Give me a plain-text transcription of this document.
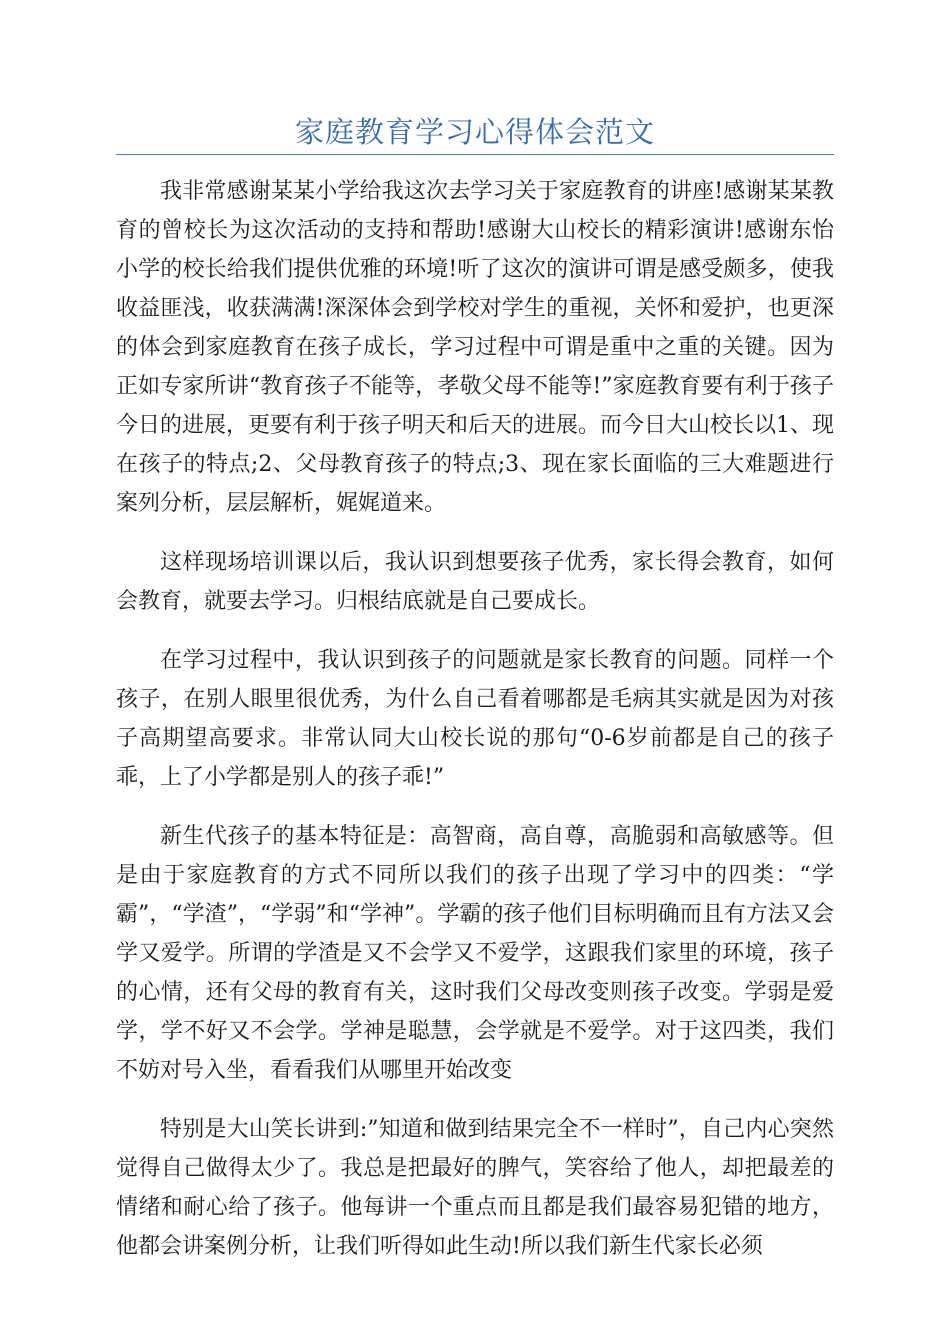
家庭教育学习心得体会范文

我非常感谢某某小学给我这次去学习关于家庭教育的讲座!感谢某某教育的曾校长为这次活动的支持和帮助!感谢大山校长的精彩演讲!感谢东怡小学的校长给我们提供优雅的环境!听了这次的演讲可谓是感受颇多，使我收益匪浅，收获满满!深深体会到学校对学生的重视，关怀和爱护，也更深的体会到家庭教育在孩子成长，学习过程中可谓是重中之重的关键。因为正如专家所讲“教育孩子不能等，孝敬父母不能等!”家庭教育要有利于孩子今日的进展，更要有利于孩子明天和后天的进展。而今日大山校长以1、现在孩子的特点;2、父母教育孩子的特点;3、现在家长面临的三大难题进行案列分析，层层解析，娓娓道来。

这样现场培训课以后，我认识到想要孩子优秀，家长得会教育，如何会教育，就要去学习。归根结底就是自己要成长。

在学习过程中，我认识到孩子的问题就是家长教育的问题。同样一个孩子，在别人眼里很优秀，为什么自己看着哪都是毛病其实就是因为对孩子高期望高要求。非常认同大山校长说的那句“0-6岁前都是自己的孩子乖，上了小学都是别人的孩子乖!”

新生代孩子的基本特征是：高智商，高自尊，高脆弱和高敏感等。但是由于家庭教育的方式不同所以我们的孩子出现了学习中的四类：“学霸”，“学渣”，“学弱”和“学神”。学霸的孩子他们目标明确而且有方法又会学又爱学。所谓的学渣是又不会学又不爱学，这跟我们家里的环境，孩子的心情，还有父母的教育有关，这时我们父母改变则孩子改变。学弱是爱学，学不好又不会学。学神是聪慧，会学就是不爱学。对于这四类，我们不妨对号入坐，看看我们从哪里开始改变

特别是大山笑长讲到:”知道和做到结果完全不一样时”，自己内心突然觉得自己做得太少了。我总是把最好的脾气，笑容给了他人，却把最差的情绪和耐心给了孩子。他每讲一个重点而且都是我们最容易犯错的地方，他都会讲案例分析，让我们听得如此生动!所以我们新生代家长必须
